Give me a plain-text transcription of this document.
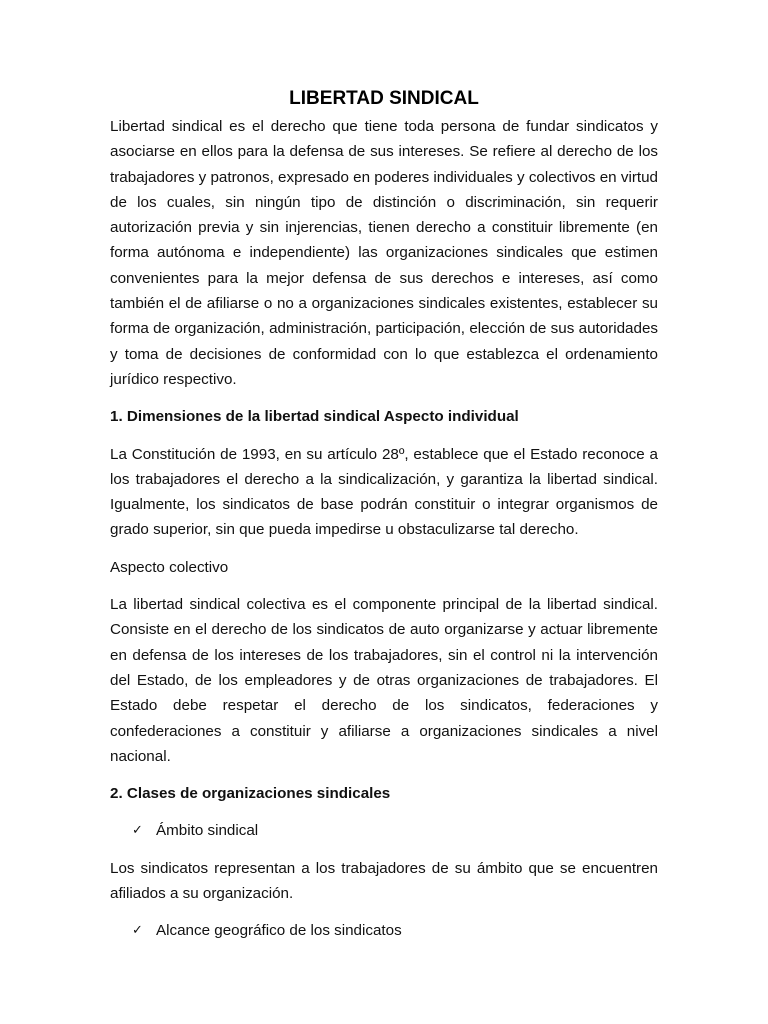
LIBERTAD SINDICAL

Libertad sindical es el derecho que tiene toda persona de fundar sindicatos y asociarse en ellos para la defensa de sus intereses. Se refiere al derecho de los trabajadores y patronos, expresado en poderes individuales y colectivos en virtud de los cuales, sin ningún tipo de distinción o discriminación, sin requerir autorización previa y sin injerencias, tienen derecho a constituir libremente (en forma autónoma e independiente) las organizaciones sindicales que estimen convenientes para la mejor defensa de sus derechos e intereses, así como también el de afiliarse o no a organizaciones sindicales existentes, establecer su forma de organización, administración, participación, elección de sus autoridades y toma de decisiones de conformidad con lo que establezca el ordenamiento jurídico respectivo.

1. Dimensiones de la libertad sindical Aspecto individual

La Constitución de 1993, en su artículo 28º, establece que el Estado reconoce a los trabajadores el derecho a la sindicalización, y garantiza la libertad sindical. Igualmente, los sindicatos de base podrán constituir o integrar organismos de grado superior, sin que pueda impedirse u obstaculizarse tal derecho.

Aspecto colectivo

La libertad sindical colectiva es el componente principal de la libertad sindical. Consiste en el derecho de los sindicatos de auto organizarse y actuar libremente en defensa de los intereses de los trabajadores, sin el control ni la intervención del Estado, de los empleadores y de otras organizaciones de trabajadores. El Estado debe respetar el derecho de los sindicatos, federaciones y confederaciones a constituir y afiliarse a organizaciones sindicales a nivel nacional.

2. Clases de organizaciones sindicales

✓ Ámbito sindical

Los sindicatos representan a los trabajadores de su ámbito que se encuentren afiliados a su organización.

✓ Alcance geográfico de los sindicatos
